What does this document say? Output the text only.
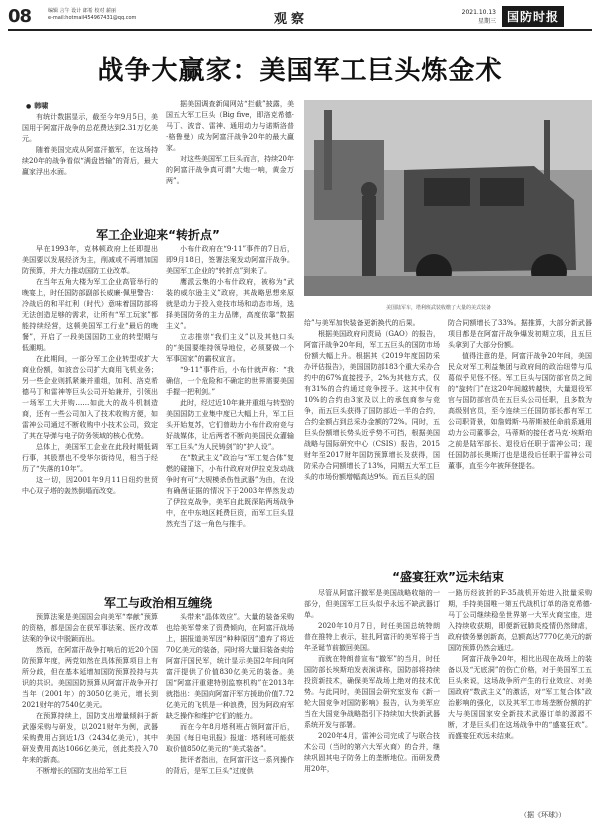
08	编辑 言午 设计 郎希 校对 薪丽
e-mail:hotmail454967431@qq.com	观察	2021.10.13
星期三 国防时报
战争大赢家：美国军工巨头炼金术
● 韩啸

有统计数据显示，截至今年9月5日，美国用于阿富汗战争的总花费达到2.31万亿美元。

随着美国完成从阿富汗撤军，在这场持续20年的战争看似“满盘皆输”的背后，最大赢家浮出水面。

据美国调查新闻网站“拦截”披露，美国五大军工巨头（Big five，即洛克希德·马丁、波音、雷神、通用动力与诺斯洛普·格鲁曼）成为阿富汗战争20年的最大赢家。

对这些美国军工巨头而言，持续20年的阿富汗战争真可谓“大炮一响，黄金万两”。

军工企业迎来“转折点”

早在1993年，克林顿政府上任即提出美国要以发展经济为主，削减或不再增加国防预算，并大力推动国防工业改革。

在当年五角大楼为军工企业高管举行的晚宴上，时任国防部副部长威廉·佩里警告：冷战后的和平红利（时代）意味着国防部将无法创造足够的需求，让所有“军工玩家”都能持续经营，这顿美国军工行业“最后的晚餐”，开启了一段美国国防工业的转型期与低潮期。

在此期间，一部分军工企业转型或扩大商业份额，如波音公司扩大商用飞机业务；另一些企业则抓紧兼并重组，加利、洛克希德马丁和雷神等巨头公司开始兼并，引领出一场军工大并购……如此大的战斗机制造商，还有一些公司加入了技术收购方便，如雷神公司通过不断收购中小技术公司，致定了其在导弹与电子防务领域的核心优势。

总体上，美国军工企业在此段时期低调行事，其股票也不受华尔街待见，相当于经历了“失落的10年”。

这一切，因2001年9月11日纽约世贸中心双子塔的轰然倒塌而改变。

小布什政府在“9·11”事件的7日后，即9月18日，签署法案发动阿富汗战争。美国军工企业的“转折点”到来了。

鹰派云集的小布什政府，被称为“武装的威尔逊主义”政府，其战略思想来原就是动力于投入竞技市场和动态市场，选择美国防务的主力品牌，高度依靠“数据主义”。

立志推崇“我们主义”以及其他口头的“美国要维持领导地位，必须要做一个军事国家”的霸权宣言。

“9·11”事件后，小布什就声称：“我确信，一个危险和不确定的世界需要美国手握一把利剑。”

此时，经过近10年兼并重组与转型的美国国防工业集中度已大幅上升，军工巨头开始复苏，它们曾助力小布什政府竞与好战媒体，让后两者不断向美国民众灌输军工巨头“为人民铸剑”的“护人设”。

在“数武主义”政治与“军工复合体”复燃的碰撞下，小布什政府对伊拉克发动战争时有可“大规模杀伤性武器”为由，在没有确凿证据的情况下于2003年悍然发动了伊拉克战争，美军自此既深陷两场战争中，在中东地区耗费巨资，而军工巨头显然充当了这一角色与推手。

军工与政治相互缠绕

预算法案是美国国会向美军“奉献”预算的资格，都是国会在获军事法案、医疗改革法案的争议中脱颖而出。

然而，在阿富汗战争打响后的近20个国防预算年度，两党如然在具体预算项目上有所分歧，但在基本延增加国防预算投持与共识的共识。美国国防预算从阿富汗战争开打当年（2001年）的3050亿美元，增长到2021财年的7540亿美元。

在预算持续上，国防支出增量倾斜于新武器采购与研发，以2021财年为例，武器采购费用占到近1/3（2434亿美元），其中研发费用高达1066亿美元，创此类投入70年来的新高。

不断增长的国防支出给军工巨

头带来“晶体效应”。大量的装备采购也给美军带来了资费倾向，在阿富汗战场上，据报道美军因“种种原因”遗弃了将近70亿美元的装备，同时将大量旧装备卖给阿富汗国民军，统计显示美国2年间向阿富汗提供了价值830亿美元的装备。美国“阿富汗重建特别监察机构”在2013年就指出：美国向阿富汗军方援助价值7.72亿美元的飞机是一种浪费，因为阿政府军缺乏操作和维护它们的能力。

而在今年8月塔利班占领阿富汗后，美国《每日电讯报》报道：塔利班可能获取价值850亿美元的“美式装备”。

批评者指出，在阿富汗这一系列操作的背后，是军工巨头“过度供

美国陆军车，塔利班武装收缴了大量的美式装备

给”与美军加快装备更新换代的后果。

根据美国政府问责局（GAO）的报告，阿富汗战争20年间，军工五巨头的国防市场份额大幅上升。根据其《2019年度国防采办评估报告》，美国国防部183个重大采办合约中的67%直接授予，2%为其他方式，仅有31%的合约通过竞争授予。这其中仅有10%的合约由3家及以上的承包商参与竞争，而五巨头获得了国防部近一半的合约，合约金额占到总采办金额的72%。同时，五巨头份额增长势头近乎势不可挡，根据美国战略与国际研究中心（CSIS）报告，2015财年至2017财年国防预算增长及获得，国防采办合同额增长了13%，同期五大军工巨头的市场份额增幅高达9%。而五巨头的国

防合同额增长了33%。据推算，大部分新武器项目都是在阿富汗战争爆发初期立项，且五巨头拿到了大部分份额。

值得注意的是，阿富汗战争20年间，美国民众对军工利益集团与政府间的政治纽带与瓜葛似乎见怪不怪。军工巨头与国防部官员之间的“旋转门”在这20年间越转越快，大量退役军官与国防部官员在五巨头公司任职，且多数为高级别官员，至今连续三任国防部长都有军工公司职背景，如詹姆斯·马蒂斯被任命前系通用动力公司董事会，马蒂斯的接任者马克·埃斯珀之前是陆军部长、退役后任职于雷神公司；现任国防部长奥斯汀也是退役后任职于雷神公司董事，直至今年被拜登提名。

“盛宴狂欢”远未结束

尽管从阿富汗撤军是美国战略收缩的一部分，但美国军工巨头似乎永远不缺武器订单。

2020年10月7日，时任美国总统特朗普在推特上表示，驻扎阿富汗的美军将于当年圣诞节前撤回美国。

而就在特朗普宣布“撤军”的当月，时任国防部长埃斯珀发表演讲称，国防部将持续投资新技术，确保美军战场上绝对的技术优势。与此同时，美国国会研究室发布《新一轮大国竞争对国防影响》报告，认为美军应当在大国竞争战略指引下持续加大快新武器系统开发与部署。

2020年4月，雷神公司完成了与联合技术公司（当时的第六大军火商）的合并，继续巩固其电子防务上的垄断地位。而研发费用20年，

一路历经波折的F-35战机开始进入批量采购期，手持美国唯一第五代战机订单的洛克希德·马丁公司继续稳坐世界第一大军火商宝座，进入持续收获期，即便新冠肺炎疫情仍然肆虐，政府债务暴创新高，总额高达7770亿美元的新国防预算仍然会通过。

阿富汗战争20年，相比出现在战场上的装备以及“无底洞”的伤亡价格，对于美国军工五巨头来说，这场战争所产生的行业效应、对美国政府“数武主义”的激活，对“军工复合体”政治影响的强化，以及其军工市场垄断份额的扩大与美国国家安全新技术武器订单的源源不断，才是巨头们在这场战争中的“盛宴狂欢”。而盛宴狂欢远未结束。

（据《环球》）
